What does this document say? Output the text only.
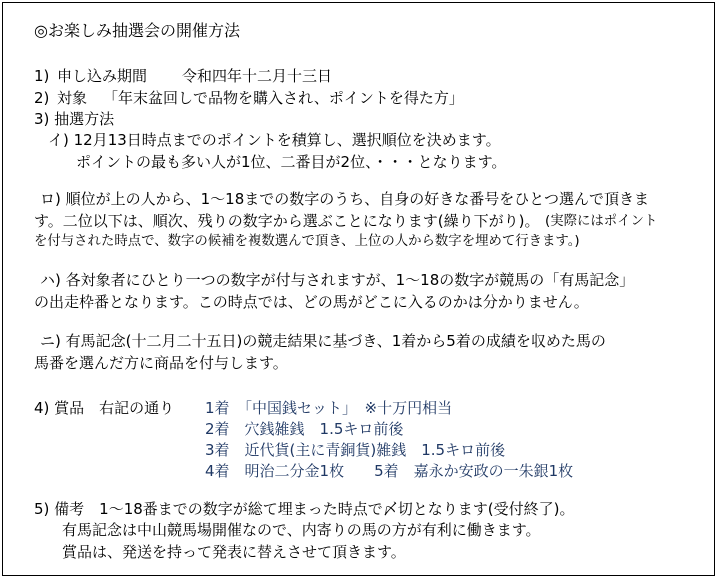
◎お楽しみ抽選会の開催方法
1) 申し込み期間 令和四年十二月十三日
2) 対象 「年末盆回しで品物を購入され、ポイントを得た方」
3) 抽選方法
イ) 12月13日時点までのポイントを積算し、選択順位を決めます。
ポイントの最も多い人が1位、二番目が2位、・・・となります。
ロ) 順位が上の人から、1～18までの数字のうち、自身の好きな番号をひとつ選んで頂きま
す。二位以下は、順次、残りの数字から選ぶことになります(繰り下がり)。 (実際にはポイント
を付与された時点で、数字の候補を複数選んで頂き、上位の人から数字を埋めて行きます。)
ハ) 各対象者にひとり一つの数字が付与されますが、1～18の数字が競馬の「有馬記念」
の出走枠番となります。この時点では、どの馬がどこに入るのかは分かりません。
ニ) 有馬記念(十二月二十五日)の競走結果に基づき、1着から5着の成績を収めた馬の
馬番を選んだ方に商品を付与します。
4) 賞品　右記の通り 1着　「中国銭セット」　※十万円相当
2着　穴銭雑銭　1.5キロ前後
3着　近代貨(主に青銅貨)雑銭　1.5キロ前後
4着　明治二分金1枚　　5着　嘉永か安政の一朱銀1枚
5) 備考　1～18番までの数字が総て埋まった時点で〆切となります(受付終了)。
有馬記念は中山競馬場開催なので、内寄りの馬の方が有利に働きます。
賞品は、発送を持って発表に替えさせて頂きます。
